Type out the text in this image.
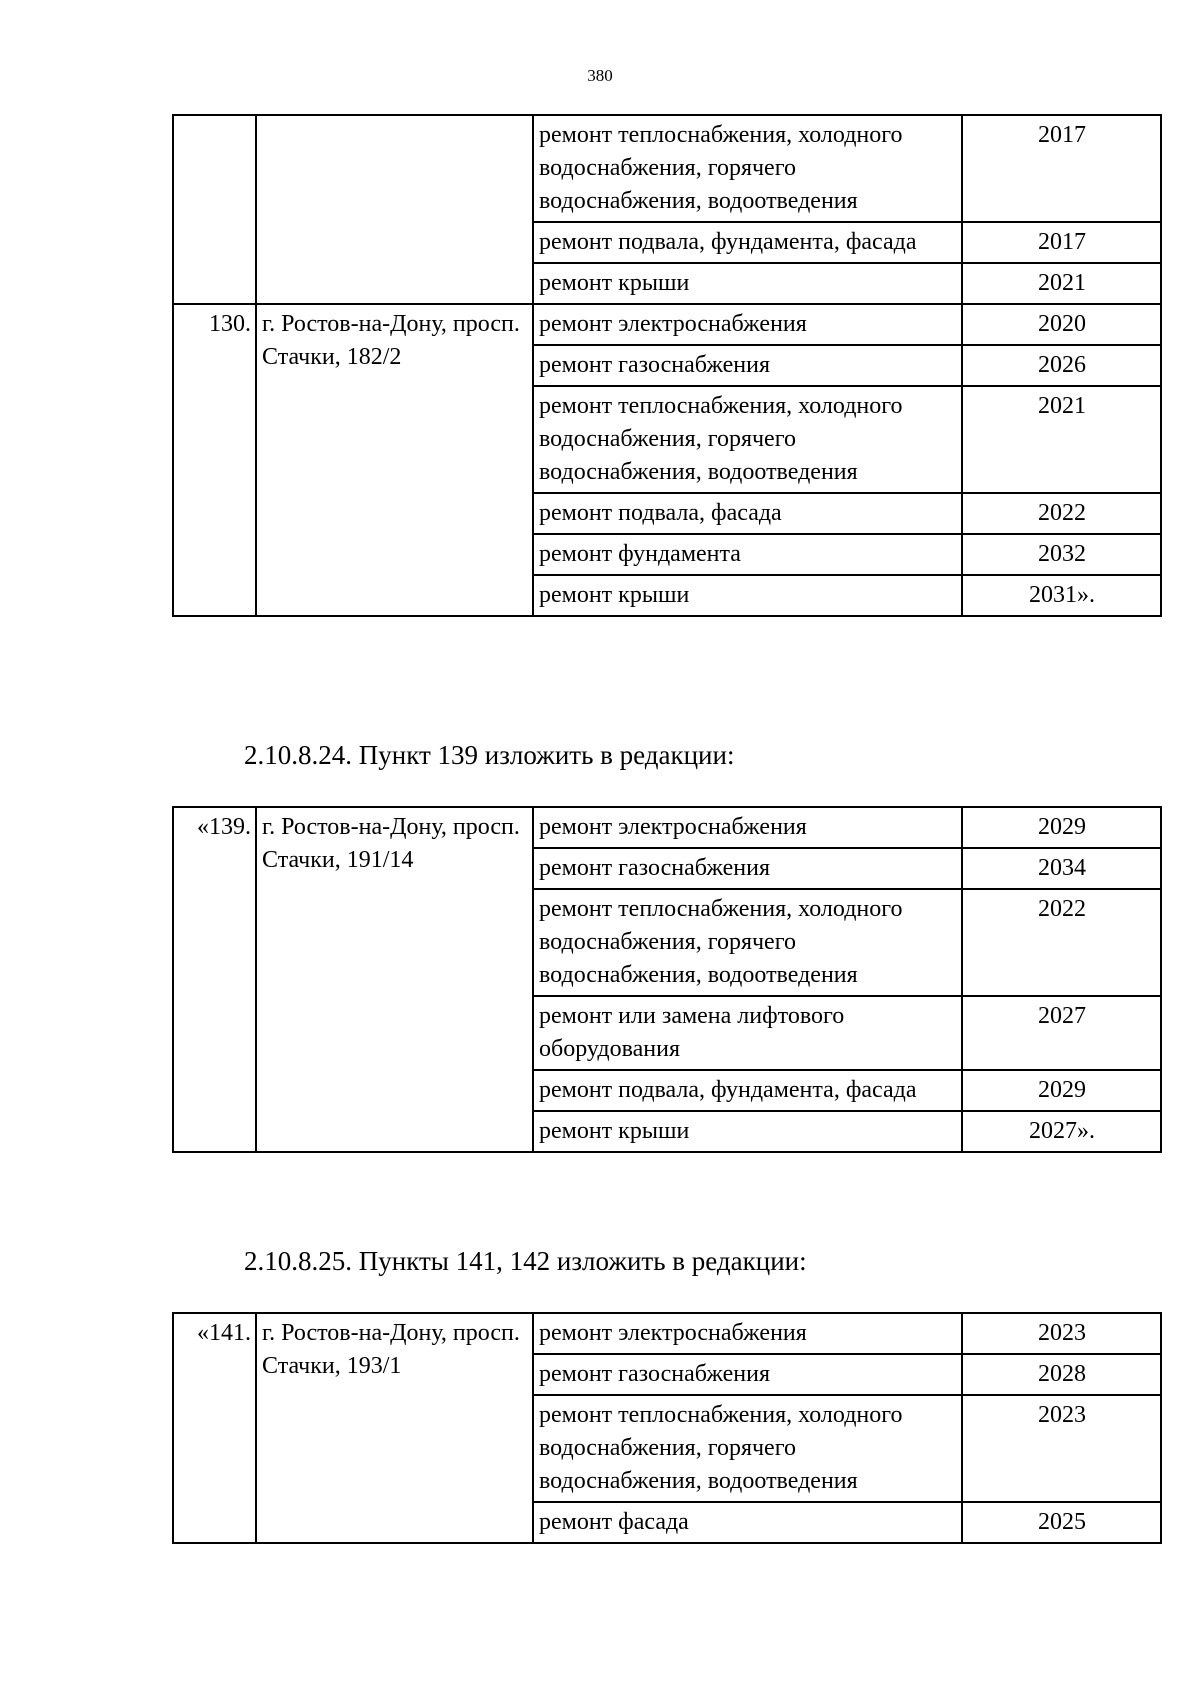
380
		ремонт теплоснабжения, холодного водоснабжения, горячего водоснабжения, водоотведения	2017
		ремонт подвала, фундамента, фасада	2017
		ремонт крыши	2021
130.	г. Ростов-на-Дону, просп. Стачки, 182/2	ремонт электроснабжения	2020
		ремонт газоснабжения	2026
		ремонт теплоснабжения, холодного водоснабжения, горячего водоснабжения, водоотведения	2021
		ремонт подвала, фасада	2022
		ремонт фундамента	2032
		ремонт крыши	2031».
2.10.8.24. Пункт 139 изложить в редакции:
«139.	г. Ростов-на-Дону, просп. Стачки, 191/14	ремонт электроснабжения	2029
		ремонт газоснабжения	2034
		ремонт теплоснабжения, холодного водоснабжения, горячего водоснабжения, водоотведения	2022
		ремонт или замена лифтового оборудования	2027
		ремонт подвала, фундамента, фасада	2029
		ремонт крыши	2027».
2.10.8.25. Пункты 141, 142 изложить в редакции:
«141.	г. Ростов-на-Дону, просп. Стачки, 193/1	ремонт электроснабжения	2023
		ремонт газоснабжения	2028
		ремонт теплоснабжения, холодного водоснабжения, горячего водоснабжения, водоотведения	2023
		ремонт фасада	2025
